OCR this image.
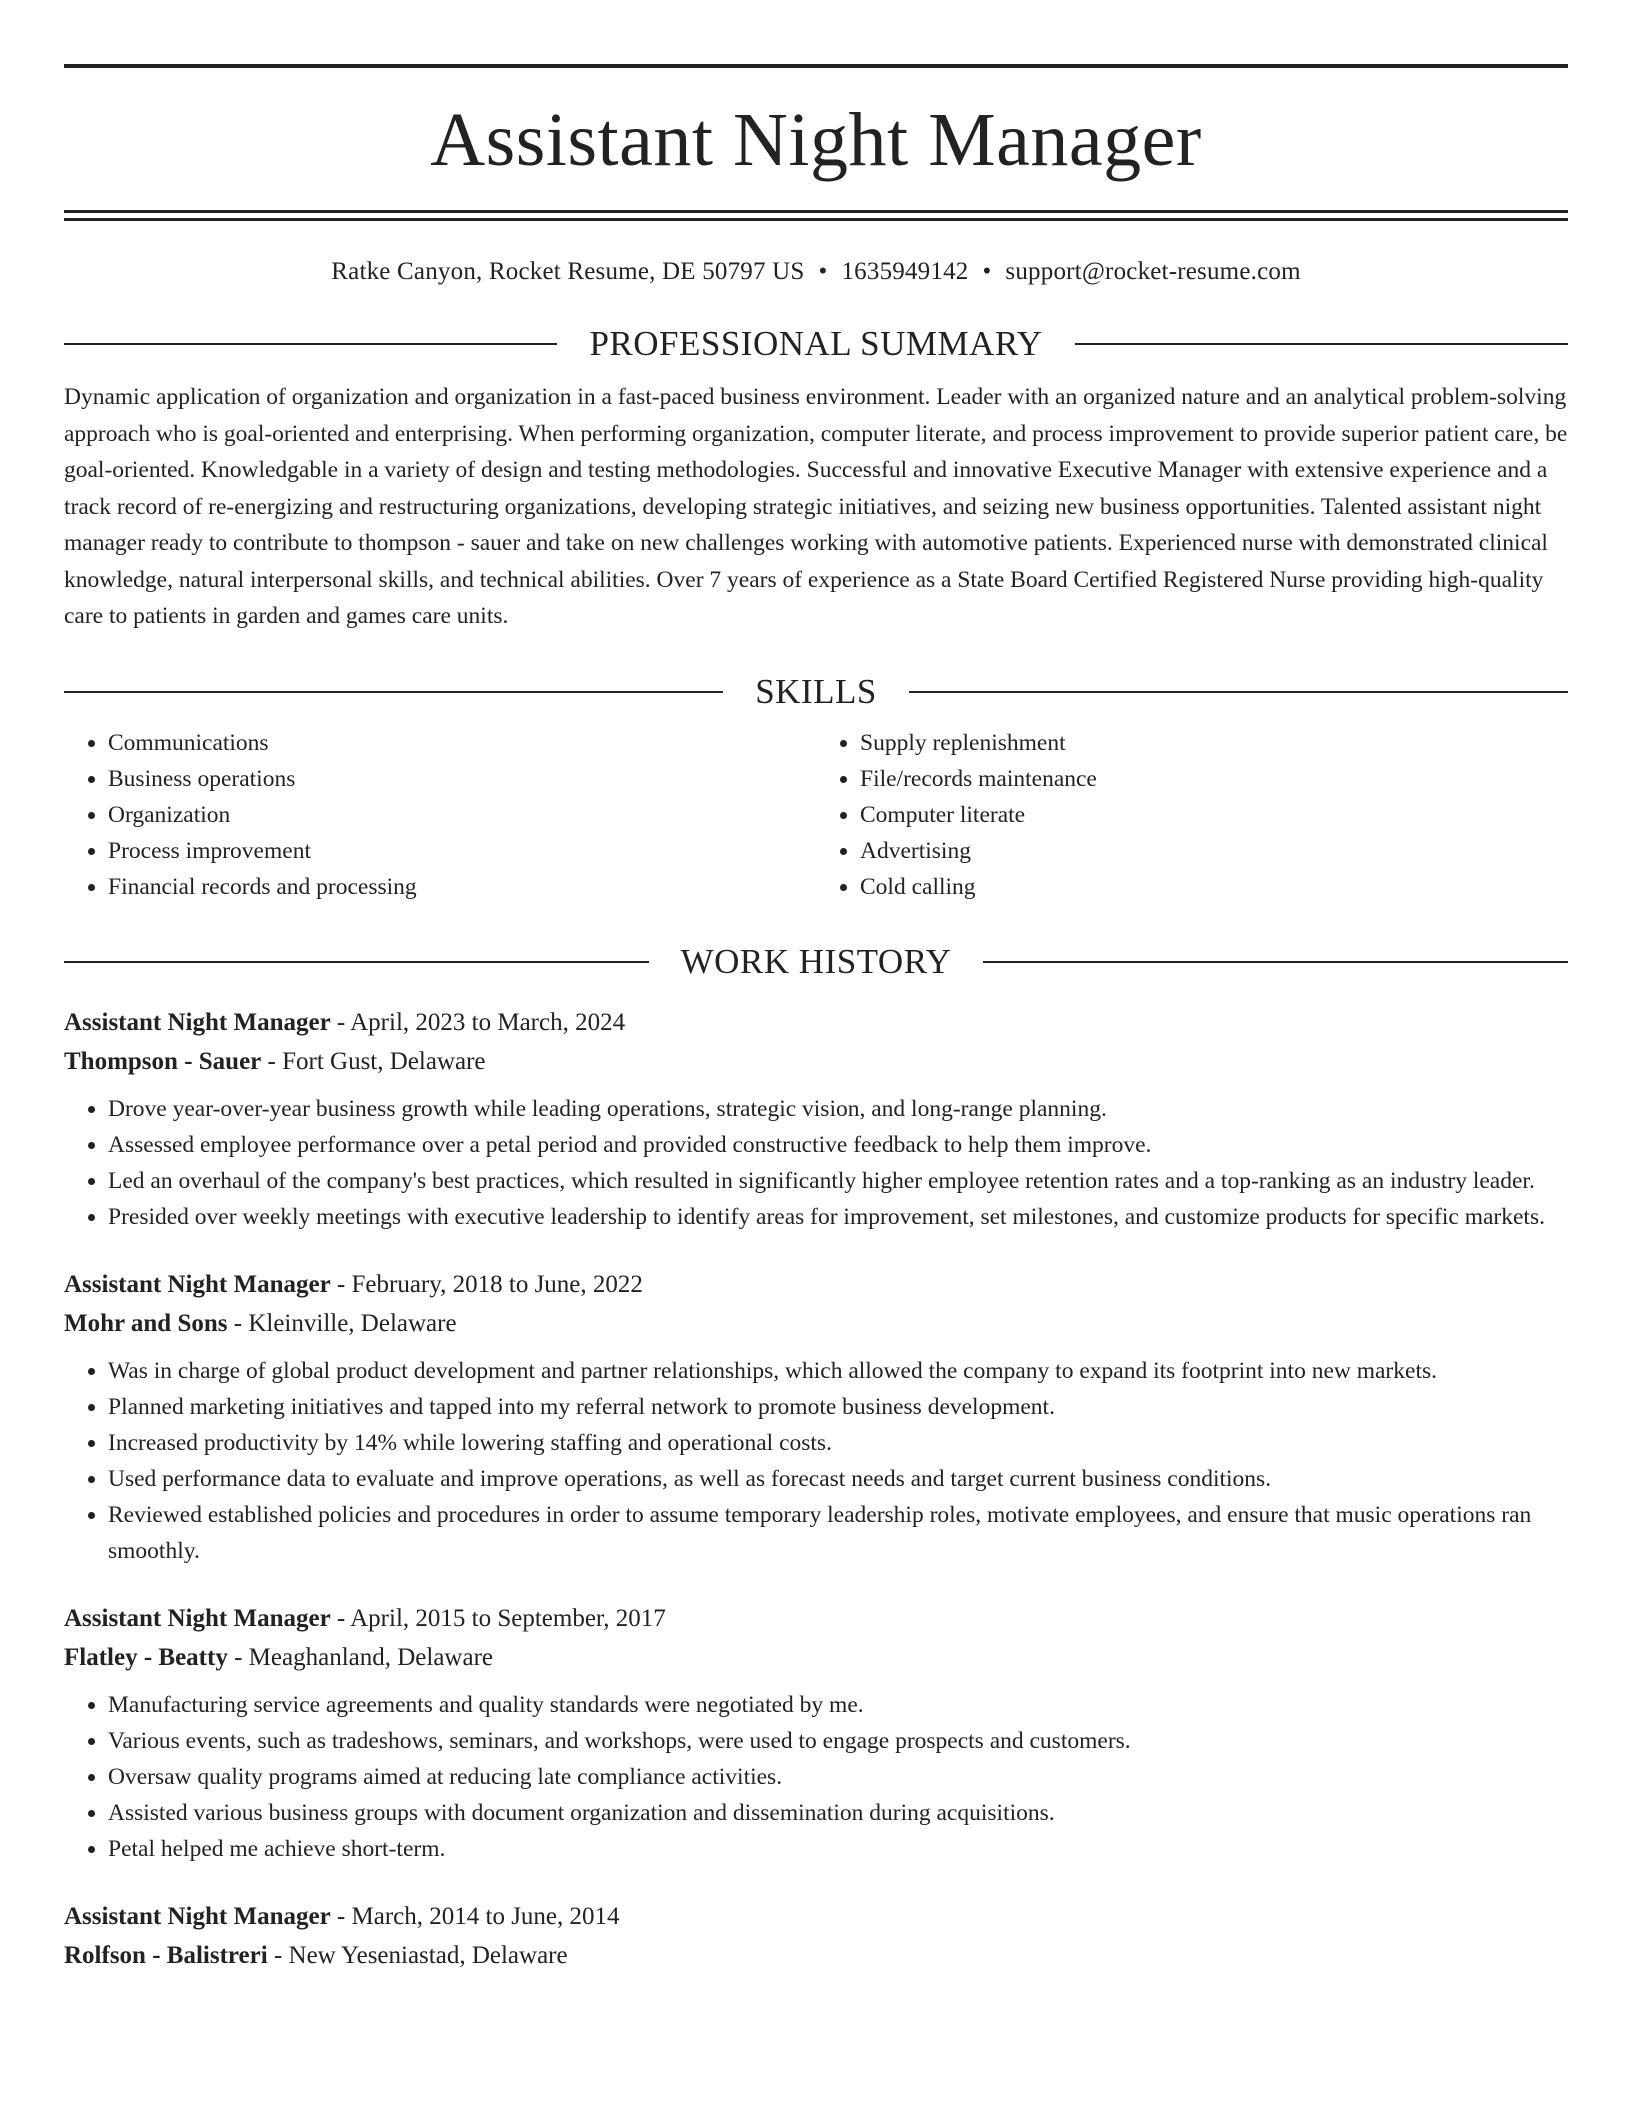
Assistant Night Manager
Ratke Canyon, Rocket Resume, DE 50797 US • 1635949142 • support@rocket-resume.com
PROFESSIONAL SUMMARY

Dynamic application of organization and organization in a fast-paced business environment. Leader with an organized nature and an analytical problem-solving approach who is goal-oriented and enterprising. When performing organization, computer literate, and process improvement to provide superior patient care, be goal-oriented. Knowledgable in a variety of design and testing methodologies. Successful and innovative Executive Manager with extensive experience and a track record of re-energizing and restructuring organizations, developing strategic initiatives, and seizing new business opportunities. Talented assistant night manager ready to contribute to thompson - sauer and take on new challenges working with automotive patients. Experienced nurse with demonstrated clinical knowledge, natural interpersonal skills, and technical abilities. Over 7 years of experience as a State Board Certified Registered Nurse providing high-quality care to patients in garden and games care units.

SKILLS
• Communications
• Business operations
• Organization
• Process improvement
• Financial records and processing
• Supply replenishment
• File/records maintenance
• Computer literate
• Advertising
• Cold calling
WORK HISTORY
Assistant Night Manager - April, 2023 to March, 2024
Thompson - Sauer - Fort Gust, Delaware
• Drove year-over-year business growth while leading operations, strategic vision, and long-range planning.
• Assessed employee performance over a petal period and provided constructive feedback to help them improve.
• Led an overhaul of the company's best practices, which resulted in significantly higher employee retention rates and a top-ranking as an industry leader.
• Presided over weekly meetings with executive leadership to identify areas for improvement, set milestones, and customize products for specific markets.
Assistant Night Manager - February, 2018 to June, 2022
Mohr and Sons - Kleinville, Delaware
• Was in charge of global product development and partner relationships, which allowed the company to expand its footprint into new markets.
• Planned marketing initiatives and tapped into my referral network to promote business development.
• Increased productivity by 14% while lowering staffing and operational costs.
• Used performance data to evaluate and improve operations, as well as forecast needs and target current business conditions.
• Reviewed established policies and procedures in order to assume temporary leadership roles, motivate employees, and ensure that music operations ran smoothly.
Assistant Night Manager - April, 2015 to September, 2017
Flatley - Beatty - Meaghanland, Delaware
• Manufacturing service agreements and quality standards were negotiated by me.
• Various events, such as tradeshows, seminars, and workshops, were used to engage prospects and customers.
• Oversaw quality programs aimed at reducing late compliance activities.
• Assisted various business groups with document organization and dissemination during acquisitions.
• Petal helped me achieve short-term.
Assistant Night Manager - March, 2014 to June, 2014
Rolfson - Balistreri - New Yeseniastad, Delaware
